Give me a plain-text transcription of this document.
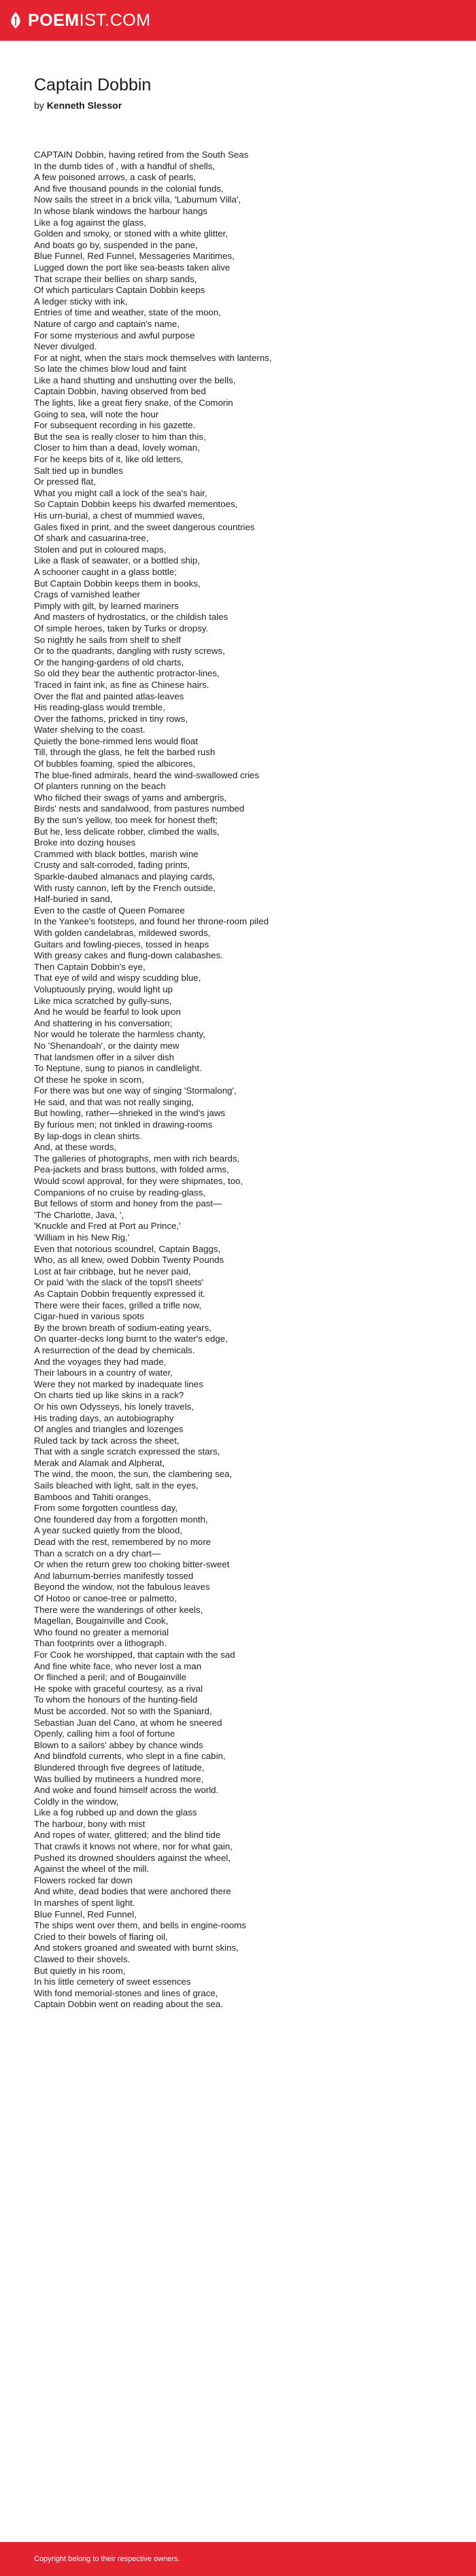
POEMIST.COM
Captain Dobbin
by Kenneth Slessor
CAPTAIN Dobbin, having retired from the South Seas
In the dumb tides of , with a handful of shells,
A few poisoned arrows, a cask of pearls,
And five thousand pounds in the colonial funds,
Now sails the street in a brick villa, 'Laburnum Villa',
In whose blank windows the harbour hangs
Like a fog against the glass,
Golden and smoky, or stoned with a white glitter,
And boats go by, suspended in the pane,
Blue Funnel, Red Funnel, Messageries Maritimes,
Lugged down the port like sea-beasts taken alive
That scrape their bellies on sharp sands,
Of which particulars Captain Dobbin keeps
A ledger sticky with ink,
Entries of time and weather, state of the moon,
Nature of cargo and captain's name,
For some mysterious and awful purpose
Never divulged.
For at night, when the stars mock themselves with lanterns,
So late the chimes blow loud and faint
Like a hand shutting and unshutting over the bells,
Captain Dobbin, having observed from bed
The lights, like a great fiery snake, of the Comorin
Going to sea, will note the hour
For subsequent recording in his gazette.
But the sea is really closer to him than this,
Closer to him than a dead, lovely woman,
For he keeps bits of it, like old letters,
Salt tied up in bundles
Or pressed flat,
What you might call a lock of the sea's hair,
So Captain Dobbin keeps his dwarfed mementoes,
His urn-burial, a chest of mummied waves,
Gales fixed in print, and the sweet dangerous countries
Of shark and casuarina-tree,
Stolen and put in coloured maps,
Like a flask of seawater, or a bottled ship,
A schooner caught in a glass bottle;
But Captain Dobbin keeps them in books,
Crags of varnished leather
Pimply with gilt, by learned mariners
And masters of hydrostatics, or the childish tales
Of simple heroes, taken by Turks or dropsy.
So nightly he sails from shelf to shelf
Or to the quadrants, dangling with rusty screws,
Or the hanging-gardens of old charts,
So old they bear the authentic protractor-lines,
Traced in faint ink, as fine as Chinese hairs.
Over the flat and painted atlas-leaves
His reading-glass would tremble,
Over the fathoms, pricked in tiny rows,
Water shelving to the coast.
Quietly the bone-rimmed lens would float
Till, through the glass, he felt the barbed rush
Of bubbles foaming, spied the albicores,
The blue-fined admirals, heard the wind-swallowed cries
Of planters running on the beach
Who filched their swags of yams and ambergris,
Birds' nests and sandalwood, from pastures numbed
By the sun's yellow, too meek for honest theft;
But he, less delicate robber, climbed the walls,
Broke into dozing houses
Crammed with black bottles, marish wine
Crusty and salt-corroded, fading prints,
Sparkle-daubed almanacs and playing cards,
With rusty cannon, left by the French outside,
Half-buried in sand,
Even to the castle of Queen Pomaree
In the Yankee's footsteps, and found her throne-room piled
With golden candelabras, mildewed swords,
Guitars and fowling-pieces, tossed in heaps
With greasy cakes and flung-down calabashes.
Then Captain Dobbin's eye,
That eye of wild and wispy scudding blue,
Voluptuously prying, would light up
Like mica scratched by gully-suns,
And he would be fearful to look upon
And shattering in his conversation;
Nor would he tolerate the harmless chanty,
No 'Shenandoah', or the dainty mew
That landsmen offer in a silver dish
To Neptune, sung to pianos in candlelight.
Of these he spoke in scorn,
For there was but one way of singing 'Stormalong',
He said, and that was not really singing,
But howling, rather—shrieked in the wind's jaws
By furious men; not tinkled in drawing-rooms
By lap-dogs in clean shirts.
And, at these words,
The galleries of photographs, men with rich beards,
Pea-jackets and brass buttons, with folded arms,
Would scowl approval, for they were shipmates, too,
Companions of no cruise by reading-glass,
But fellows of storm and honey from the past—
'The Charlotte, Java, ',
'Knuckle and Fred at Port au Prince,'
'William in his New Rig,'
Even that notorious scoundrel, Captain Baggs,
Who, as all knew, owed Dobbin Twenty Pounds
Lost at fair cribbage, but he never paid,
Or paid 'with the slack of the topsl'l sheets'
As Captain Dobbin frequently expressed it.
There were their faces, grilled a trifle now,
Cigar-hued in various spots
By the brown breath of sodium-eating years,
On quarter-decks long burnt to the water's edge,
A resurrection of the dead by chemicals.
And the voyages they had made,
Their labours in a country of water,
Were they not marked by inadequate lines
On charts tied up like skins in a rack?
Or his own Odysseys, his lonely travels,
His trading days, an autobiography
Of angles and triangles and lozenges
Ruled tack by tack across the sheet,
That with a single scratch expressed the stars,
Merak and Alamak and Alpherat,
The wind, the moon, the sun, the clambering sea,
Sails bleached with light, salt in the eyes,
Bamboos and Tahiti oranges,
From some forgotten countless day,
One foundered day from a forgotten month,
A year sucked quietly from the blood,
Dead with the rest, remembered by no more
Than a scratch on a dry chart—
Or when the return grew too choking bitter-sweet
And laburnum-berries manifestly tossed
Beyond the window, not the fabulous leaves
Of Hotoo or canoe-tree or palmetto,
There were the wanderings of other keels,
Magellan, Bougainville and Cook,
Who found no greater a memorial
Than footprints over a lithograph.
For Cook he worshipped, that captain with the sad
And fine white face, who never lost a man
Or flinched a peril; and of Bougainville
He spoke with graceful courtesy, as a rival
To whom the honours of the hunting-field
Must be accorded. Not so with the Spaniard,
Sebastian Juan del Cano, at whom he sneered
Openly, calling him a fool of fortune
Blown to a sailors' abbey by chance winds
And blindfold currents, who slept in a fine cabin,
Blundered through five degrees of latitude,
Was bullied by mutineers a hundred more,
And woke and found himself across the world.
Coldly in the window,
Like a fog rubbed up and down the glass
The harbour, bony with mist
And ropes of water, glittered; and the blind tide
That crawls it knows not where, nor for what gain,
Pushed its drowned shoulders against the wheel,
Against the wheel of the mill.
Flowers rocked far down
And white, dead bodies that were anchored there
In marshes of spent light.
Blue Funnel, Red Funnel,
The ships went over them, and bells in engine-rooms
Cried to their bowels of flaring oil,
And stokers groaned and sweated with burnt skins,
Clawed to their shovels.
But quietly in his room,
In his little cemetery of sweet essences
With fond memorial-stones and lines of grace,
Captain Dobbin went on reading about the sea.
Copyright belong to their respective owners.
